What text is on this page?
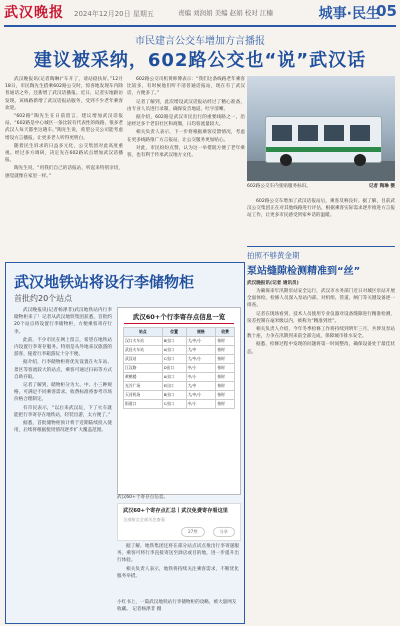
武汉晚报 2024年12月20日 星期五	责编 刘润娟 美编 赵娟 校对 江楠	城事·民生
05
市民建言公交车增加方言播报
建议被采纳，602路公交也“说”武汉话

武汉晚报讯(记者陶琳)“车开了，请站稳扶好。”12月18日，市民陶先生搭乘602路公交时，惊喜地发现车内除普通话之外，还新增了武汉话播报。近日，记者实地跟访发现，该线路新增了武汉话报站服务，受到不少老年乘客欢迎。

“602路”陶先生在日前留言，建议增加武汉话报站。“602路是中心城区一条比较有代表性的线路，很多老武汉人每天都坐这趟车。”陶先生说，希望公交公司能考虑增设方言播报，让更多老人听得更明白。

随着民生诉求的日益多元化，公交集团对此高度重视。经过多方调研，决定先在602路试点增加武汉话播报。

陶先生说，“用我们自己的话报站，听起来特别亲切，感觉就像在家里一样。”

602路公交司机黄师傅表示：“我们这条线路老年乘客比较多，有时候他们听不清普通话报站，现在有了武汉话，方便多了。”

记者了解到，此次增设武汉话报站经过了精心准备，由专业人员进行录制，确保发音地道、吐字清晰。

据介绍，602路是武汉市民出行的重要线路之一，沿途经过多个老旧社区和商圈，日均客流量较大。

相关负责人表示，下一步将根据乘客反馈情况，考虑在更多线路推广方言报站，让公交服务更加贴心。

对此，市民纷纷点赞，认为这一举措既方便了老年乘客，也有利于传承武汉地方文化。

602路公交车内张贴服务标识。	记者 陶琳 摄

602路公交车增加了武汉话报站后，乘客反响良好。据了解，目前武汉公交集团正在对其他线路进行评估，根据乘客实际需求逐步推进方言报站工作，让更多市民感受到家乡话的温暖。

拍照不够黄金期
泵站缝隙检测精准到“丝”
武汉晚报讯(记者 通讯员)

为确保来年汛期泵站安全运行，武汉市水务部门近日对城区泵站开展全面体检。检修人员深入泵站内部，对机组、管道、闸门等关键设备逐一排查。

记者在现场看到，技术人员使用专业仪器对设备缝隙进行精准检测，误差控制在毫米级以内，被称为“精准到丝”。

相关负责人介绍，今年冬季检修工作将持续到明年三月，共涉及泵站数十座，力争在汛期到来前全部完成，保障城市排水安全。

据悉，检修过程中发现的问题将第一时间整改，确保设备处于最佳状态。

武汉地铁站将设行李储物柜
首批约20个站点

武汉晚报讯(记者杨涤非)武汉地铁站内行李储物柜来了！记者从武汉地铁集团获悉，首批约20个站点将设置行李储物柜，方便乘客寄存行李。

此前，不少市民在网上留言，希望在地铁站内设置行李寄存服务。特别是从外地来汉旅游的游客，拖着行李箱游玩十分不便。

据介绍，行李储物柜将优先设置在火车站、景区等客流较大的站点，乘客可通过扫码等方式自助存取。

记者了解到，储物柜分为大、中、小三种规格，可满足不同乘客需求。收费标准将参考市场价格合理制定。

有市民表示，“以后来武汉玩，下了火车就能把行李寄存在地铁站，轻装出游，太方便了。”

据悉，首批储物柜预计将于近期陆续投入使用，后续将根据使用情况逐步扩大覆盖范围。

武汉60+个行李寄存点信息一览
站点	位置	规格	收费
汉口火车站	B出口	大/中/小	按时
武昌火车站	A出口	大/中	按时
武汉站	C出口	大/中/小	按时
江汉路	D出口	中/小	按时
黄鹤楼	A出口	中/小	按时
光谷广场	E出口	大/中	按时
天河机场	B出口	大/中/小	按时
街道口	C出口	中/小	按时
武汉60+个寄存点信息。
武汉60+个寄存点汇总丨武汉免费寄存看这里
全部按点全部关注查看
27赞	分享

据了解，地铁集团还将在部分站点试点推出行李寄递服务，乘客可将行李直接寄送至酒店或目的地，进一步提升出行体验。

相关负责人表示，地铁将持续关注乘客需求，不断优化服务举措。

小红书上，一篇武汉地铁站行李储物柜的攻略，被大量网友收藏。 记者杨涤非 摄
